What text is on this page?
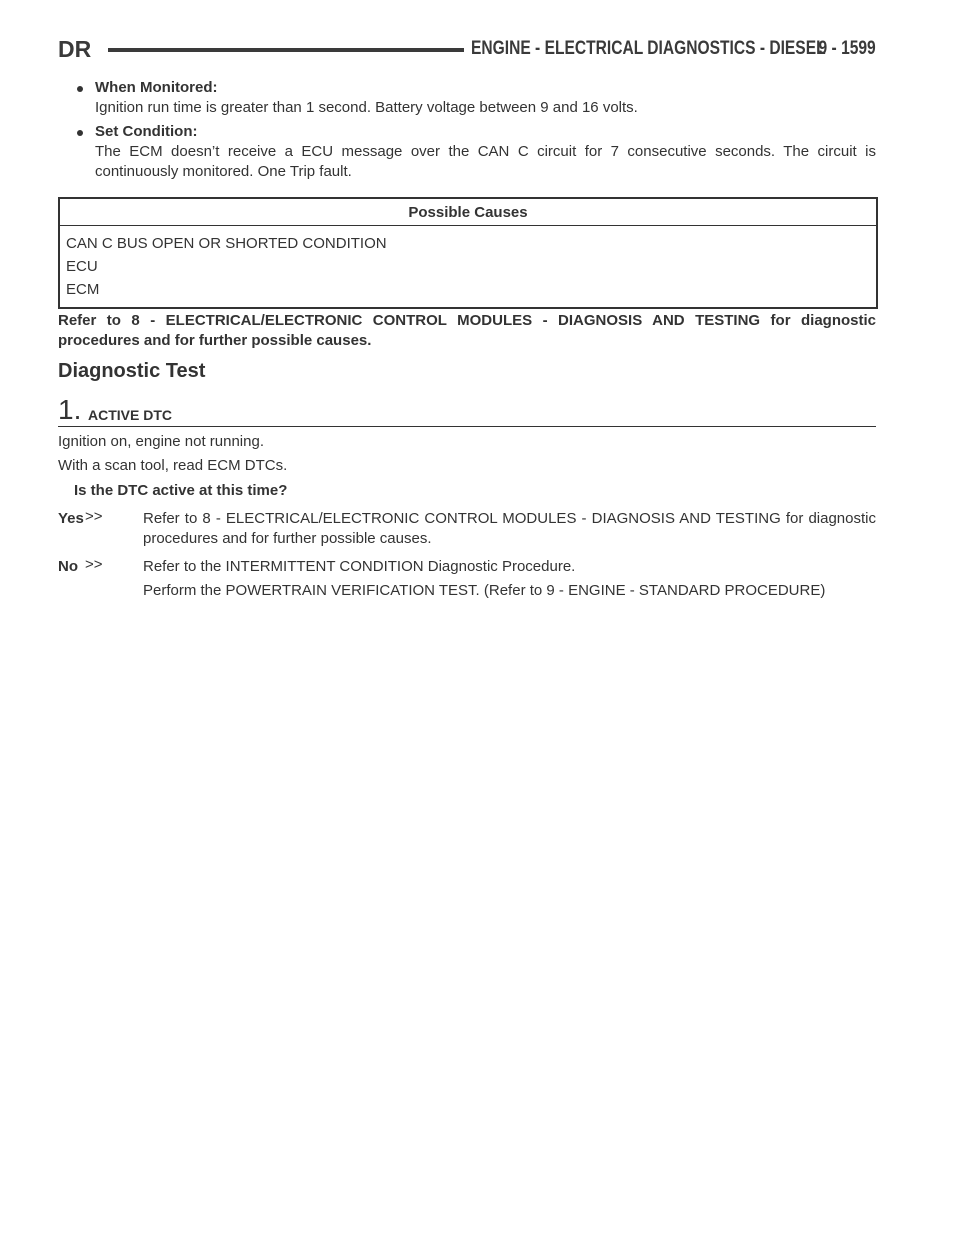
DR	ENGINE - ELECTRICAL DIAGNOSTICS - DIESEL
9 - 1599

When Monitored:

Ignition run time is greater than 1 second. Battery voltage between 9 and 16 volts.

Set Condition:

The ECM doesn’t receive a ECU message over the CAN C circuit for 7 consecutive seconds. The circuit is continuously monitored. One Trip fault.

Possible Causes
CAN C BUS OPEN OR SHORTED CONDITION
ECU
ECM
Refer to 8 - ELECTRICAL/ELECTRONIC CONTROL MODULES - DIAGNOSIS AND TESTING for diagnostic procedures and for further possible causes.
Diagnostic Test
1. ACTIVE DTC
Ignition on, engine not running.
With a scan tool, read ECM DTCs.
Is the DTC active at this time?
Yes >>	Refer to 8 - ELECTRICAL/ELECTRONIC CONTROL MODULES - DIAGNOSIS AND TESTING for diagnostic procedures and for further possible causes.

No >>	Refer to the INTERMITTENT CONDITION Diagnostic Procedure.

Perform the POWERTRAIN VERIFICATION TEST. (Refer to 9 - ENGINE - STANDARD PROCEDURE)
